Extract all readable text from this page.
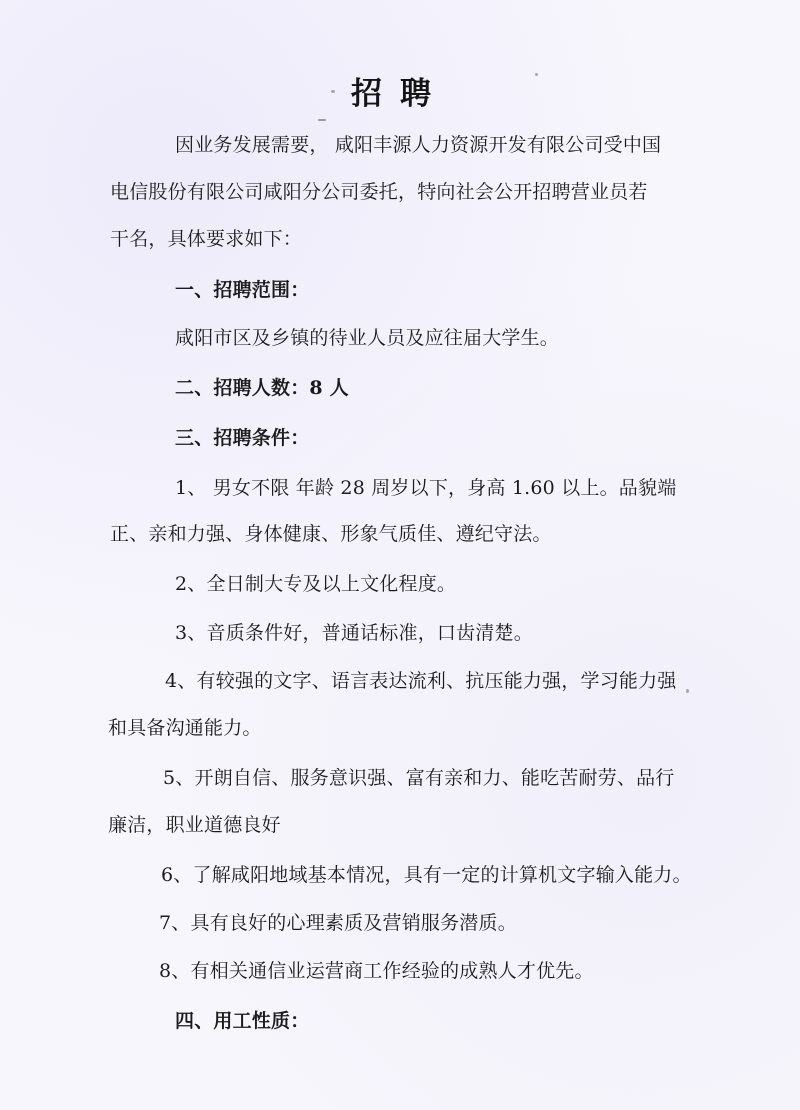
招聘
因业务发展需要， 咸阳丰源人力资源开发有限公司受中国
电信股份有限公司咸阳分公司委托，特向社会公开招聘营业员若
干名，具体要求如下：
一、招聘范围：
咸阳市区及乡镇的待业人员及应往届大学生。
二、招聘人数：8 人
三、招聘条件：
1、 男女不限 年龄 28 周岁以下，身高 1.60 以上。品貌端
正、亲和力强、身体健康、形象气质佳、遵纪守法。
2、全日制大专及以上文化程度。
3、音质条件好，普通话标准，口齿清楚。
4、有较强的文字、语言表达流利、抗压能力强，学习能力强
和具备沟通能力。
5、开朗自信、服务意识强、富有亲和力、能吃苦耐劳、品行
廉洁，职业道德良好
6、了解咸阳地域基本情况，具有一定的计算机文字输入能力。
7、具有良好的心理素质及营销服务潜质。
8、有相关通信业运营商工作经验的成熟人才优先。
四、用工性质：
